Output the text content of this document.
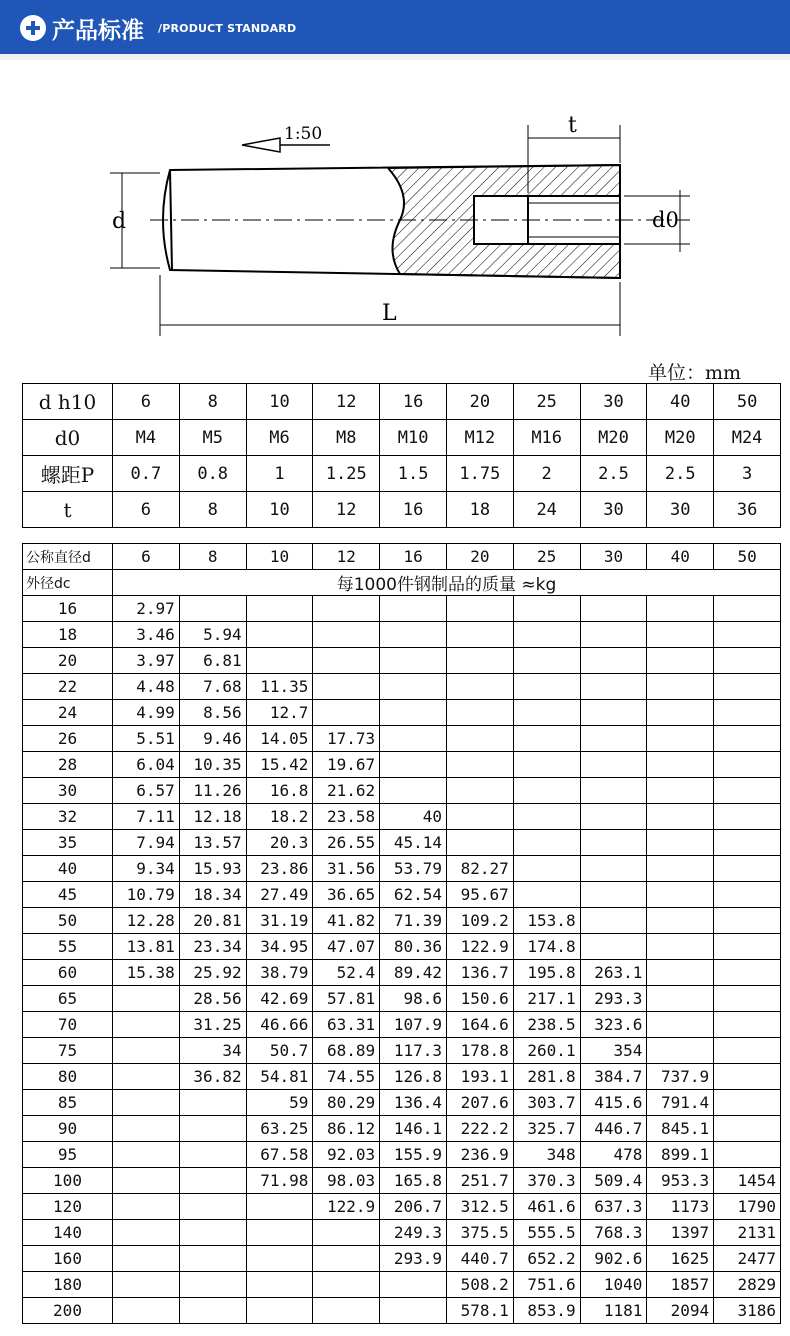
产品标准 /PRODUCT STANDARD
1:50
d	d0
t
L
单位：mm
d h10	6	8	10	12	16	20	25	30	40	50
d0	M4	M5	M6	M8	M10	M12	M16	M20	M20	M24
螺距P	0.7	0.8	1	1.25	1.5	1.75	2	2.5	2.5	3
t	6	8	10	12	16	18	24	30	30	36
公称直径d	6	8	10	12	16	20	25	30	40	50
外径dc	每1000件钢制品的质量 ≈kg									
16	2.97									
18	3.46	5.94								
20	3.97	6.81								
22	4.48	7.68	11.35							
24	4.99	8.56	12.7							
26	5.51	9.46	14.05	17.73						
28	6.04	10.35	15.42	19.67						
30	6.57	11.26	16.8	21.62						
32	7.11	12.18	18.2	23.58	40					
35	7.94	13.57	20.3	26.55	45.14					
40	9.34	15.93	23.86	31.56	53.79	82.27				
45	10.79	18.34	27.49	36.65	62.54	95.67				
50	12.28	20.81	31.19	41.82	71.39	109.2	153.8			
55	13.81	23.34	34.95	47.07	80.36	122.9	174.8			
60	15.38	25.92	38.79	52.4	89.42	136.7	195.8	263.1		
65		28.56	42.69	57.81	98.6	150.6	217.1	293.3		
70		31.25	46.66	63.31	107.9	164.6	238.5	323.6		
75		34	50.7	68.89	117.3	178.8	260.1	354		
80		36.82	54.81	74.55	126.8	193.1	281.8	384.7	737.9	
85			59	80.29	136.4	207.6	303.7	415.6	791.4	
90			63.25	86.12	146.1	222.2	325.7	446.7	845.1	
95			67.58	92.03	155.9	236.9	348	478	899.1	
100			71.98	98.03	165.8	251.7	370.3	509.4	953.3	1454
120				122.9	206.7	312.5	461.6	637.3	1173	1790
140					249.3	375.5	555.5	768.3	1397	2131
160					293.9	440.7	652.2	902.6	1625	2477
180						508.2	751.6	1040	1857	2829
200						578.1	853.9	1181	2094	3186
